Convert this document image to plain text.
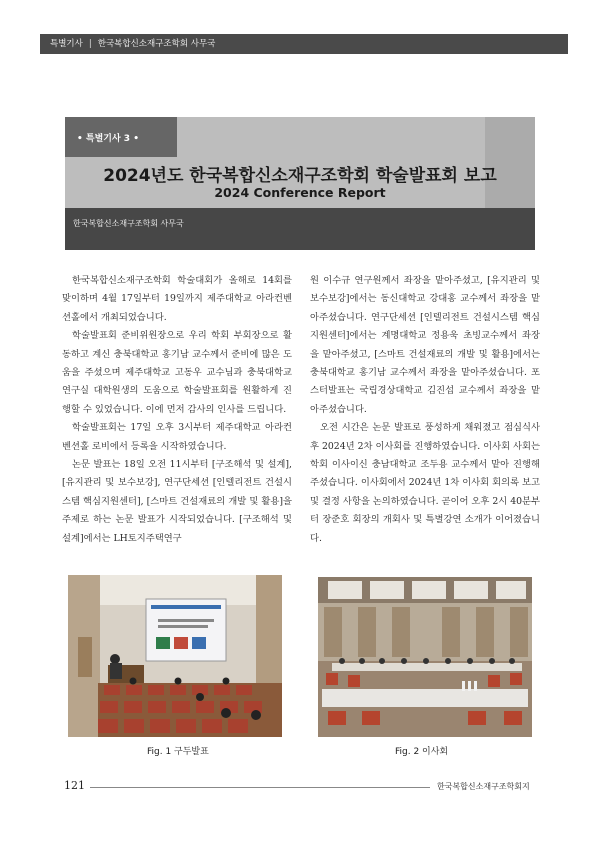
특별기사 | 한국복합신소재구조학회 사무국
• 특별기사 3 •
2024년도 한국복합신소재구조학회 학술발표회 보고
2024 Conference Report
한국복합신소재구조학회 사무국

한국복합신소재구조학회 학술대회가 올해로 14회를 맞이하며 4월 17일부터 19일까지 제주대학교 아라컨벤션홀에서 개최되었습니다.

학술발표회 준비위원장으로 우리 학회 부회장으로 활동하고 계신 충북대학교 홍기남 교수께서 준비에 많은 도움을 주셨으며 제주대학교 고동우 교수님과 충북대학교 연구실 대학원생의 도움으로 학술발표회를 원활하게 진행할 수 있었습니다. 이에 먼저 감사의 인사를 드립니다.

학술발표회는 17일 오후 3시부터 제주대학교 아라컨벤션홀 로비에서 등록을 시작하였습니다.

논문 발표는 18일 오전 11시부터 [구조해석 및 설계], [유지관리 및 보수보강], 연구단세션 [인텔리전트 건설시스템 핵심지원센터], [스마트 건설재료의 개발 및 활용]을 주제로 하는 논문 발표가 시작되었습니다. [구조해석 및 설계]에서는 LH토지주택연구

원 이수규 연구원께서 좌장을 맡아주셨고, [유지관리 및 보수보강]에서는 동신대학교 강대홍 교수께서 좌장을 맡아주셨습니다. 연구단세션 [인텔리전트 건설시스템 핵심지원센터]에서는 계명대학교 정용욱 초빙교수께서 좌장을 맡아주셨고, [스마트 건설재료의 개발 및 활용]에서는 충북대학교 홍기남 교수께서 좌장을 맡아주셨습니다. 포스터발표는 국립경상대학교 김진섭 교수께서 좌장을 맡아주셨습니다.

오전 시간은 논문 발표로 풍성하게 채워졌고 점심식사 후 2024년 2차 이사회를 진행하였습니다. 이사회 사회는 학회 이사이신 충남대학교 조두용 교수께서 맡아 진행해 주셨습니다. 이사회에서 2024년 1차 이사회 회의록 보고 및 결정 사항을 논의하였습니다. 곧이어 오후 2시 40분부터 장준호 회장의 개회사 및 특별강연 소개가 이어졌습니다.

Fig. 1 구두발표	Fig. 2 이사회
121	한국복합신소재구조학회지
